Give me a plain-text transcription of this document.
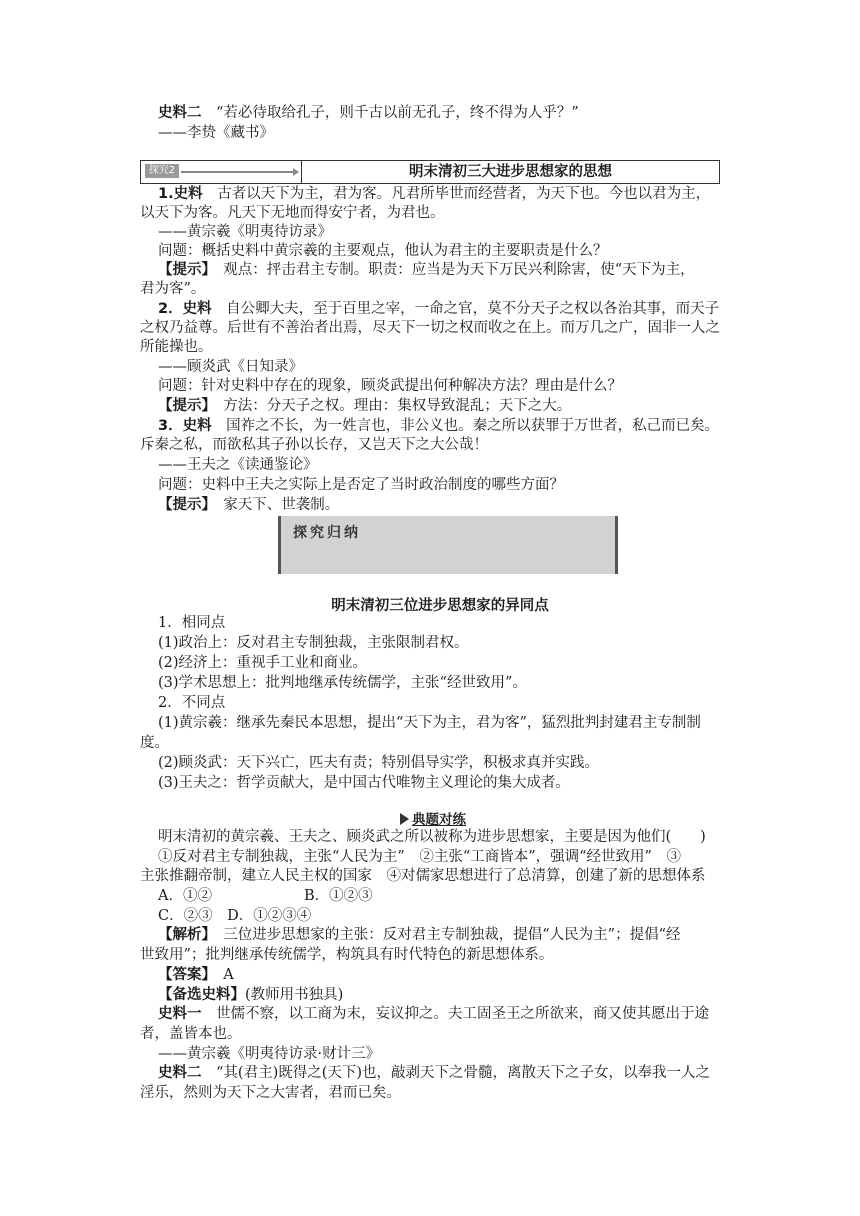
史料二　 “若必待取给孔子，则千古以前无孔子，终不得为人乎？”
——李贽《藏书》
探究2	明末清初三大进步思想家的思想
1.史料　 古者以天下为主，君为客。凡君所毕世而经营者，为天下也。今也以君为主，
以天下为客。凡天下无地而得安宁者，为君也。
——黄宗羲《明夷待访录》
问题：概括史料中黄宗羲的主要观点，他认为君主的主要职责是什么？
【提示】　 观点：抨击君主专制。职责：应当是为天下万民兴利除害，使“天下为主，
君为客”。
2．史料　 自公卿大夫，至于百里之宰，一命之官，莫不分天子之权以各治其事，而天子
之权乃益尊。后世有不善治者出焉，尽天下一切之权而收之在上。而万几之广，固非一人之
所能操也。
——顾炎武《日知录》
问题：针对史料中存在的现象，顾炎武提出何种解决方法？理由是什么？
【提示】　 方法：分天子之权。理由：集权导致混乱；天下之大。
3．史料　 国祚之不长，为一姓言也，非公义也。秦之所以获罪于万世者，私己而已矣。
斥秦之私，而欲私其子孙以长存，又岂天下之大公哉！
——王夫之《读通鉴论》
问题：史料中王夫之实际上是否定了当时政治制度的哪些方面？
【提示】　 家天下、世袭制。
探究归纳
明末清初三位进步思想家的异同点
1．相同点
(1)政治上：反对君主专制独裁，主张限制君权。
(2)经济上：重视手工业和商业。
(3)学术思想上：批判地继承传统儒学，主张“经世致用”。
2．不同点
(1)黄宗羲：继承先秦民本思想，提出“天下为主，君为客”，猛烈批判封建君主专制制
度。
(2)顾炎武：天下兴亡，匹夫有责；特别倡导实学，积极求真并实践。
(3)王夫之：哲学贡献大，是中国古代唯物主义理论的集大成者。
典题对练
明末清初的黄宗羲、王夫之、顾炎武之所以被称为进步思想家，主要是因为他们(　　)
①反对君主专制独裁，主张“人民为主”　②主张“工商皆本”，强调“经世致用”　③
主张推翻帝制，建立人民主权的国家　④对儒家思想进行了总清算，创建了新的思想体系
A．①②	B．①②③
C．②③　D．①②③④
【解析】　 三位进步思想家的主张：反对君主专制独裁，提倡“人民为主”；提倡“经
世致用”；批判继承传统儒学，构筑具有时代特色的新思想体系。
【答案】　 A
【备选史料】(教师用书独具)
史料一　 世儒不察，以工商为末，妄议抑之。夫工固圣王之所欲来，商又使其愿出于途
者，盖皆本也。
——黄宗羲《明夷待访录·财计三》
史料二　 “其(君主)既得之(天下)也，敲剥天下之骨髓，离散天下之子女，以奉我一人之
淫乐，然则为天下之大害者，君而已矣。
